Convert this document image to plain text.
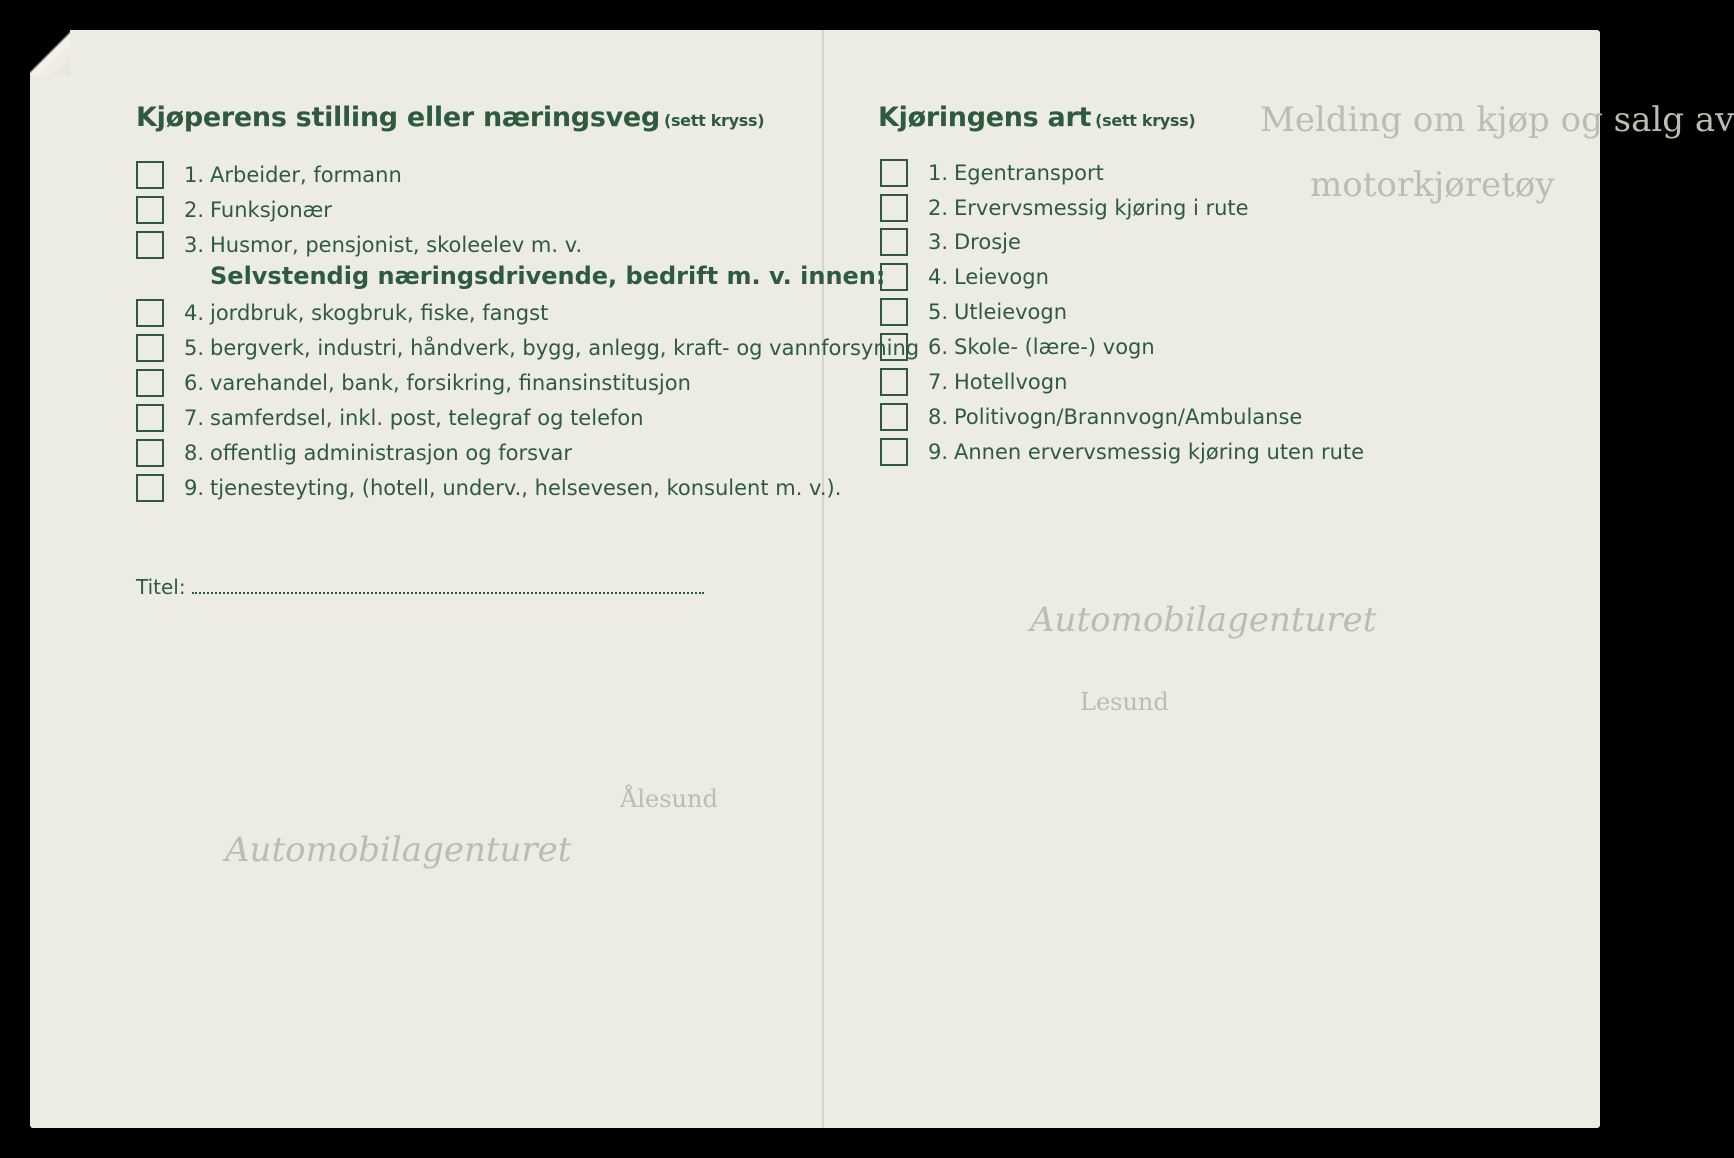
Melding om kjøp og salg av
motorkjøretøy
Automobilagenturet
Automobilagenturet
Lesund
Ålesund
Kjøperens stilling eller næringsveg (sett kryss)
1. Arbeider, formann
2. Funksjonær
3. Husmor, pensjonist, skoleelev m. v.
Selvstendig næringsdrivende, bedrift m. v. innen:
4. jordbruk, skogbruk, fiske, fangst
5. bergverk, industri, håndverk, bygg, anlegg, kraft- og vannforsyning
6. varehandel, bank, forsikring, finansinstitusjon
7. samferdsel, inkl. post, telegraf og telefon
8. offentlig administrasjon og forsvar
9. tjenesteyting, (hotell, underv., helsevesen, konsulent m. v.).
Titel:
Kjøringens art (sett kryss)
1. Egentransport
2. Ervervsmessig kjøring i rute
3. Drosje
4. Leievogn
5. Utleievogn
6. Skole- (lære-) vogn
7. Hotellvogn
8. Politivogn/Brannvogn/Ambulanse
9. Annen ervervsmessig kjøring uten rute
